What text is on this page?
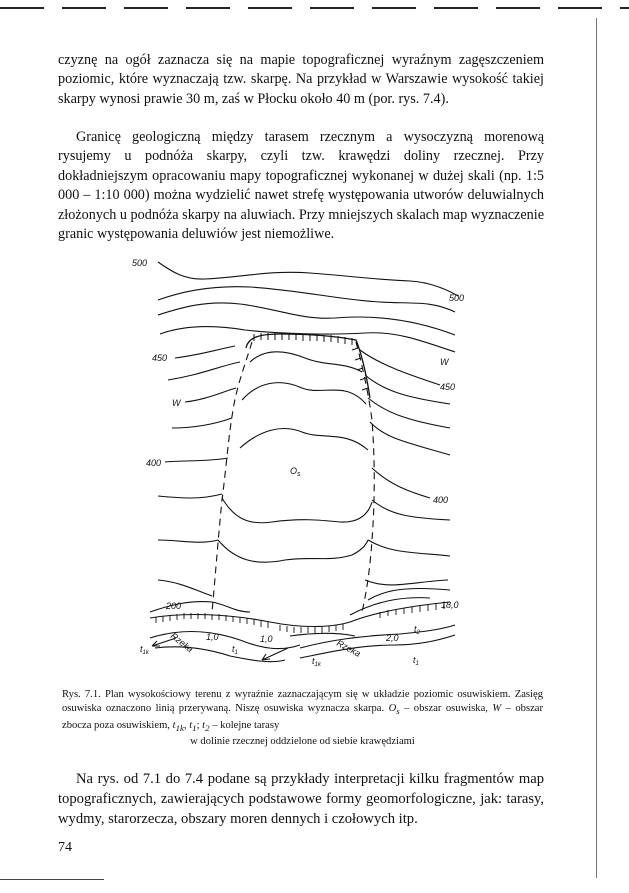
czyznę na ogół zaznacza się na mapie topograficznej wyraźnym zagęszczeniem poziomic, które wyznaczają tzw. skarpę. Na przykład w Warszawie wysokość takiej skarpy wynosi prawie 30 m, zaś w Płocku około 40 m (por. rys. 7.4).

Granicę geologiczną między tarasem rzecznym a wysoczyzną morenową rysujemy u podnóża skarpy, czyli tzw. krawędzi doliny rzecznej. Przy dokładniejszym opracowaniu mapy topograficznej wykonanej w dużej skali (np. 1:5 000 – 1:10 000) można wydzielić nawet strefę występowania utworów deluwialnych złożonych u podnóża skarpy na aluwiach. Przy mniejszych skalach map wyznaczenie granic występowania deluwiów jest niemożliwe.

500
500
450
450
W
W
400
400
$O_s$
200	18,0
1,0	1,0	2,0
$t_1$
$t_1$
$t_2$
$t_{1k}$
$t_{1k}$
Rzeka	Rzeka

Rys. 7.1. Plan wysokościowy terenu z wyraźnie zaznaczającym się w układzie poziomic osuwiskiem. Zasięg osuwiska oznaczono linią przerywaną. Niszę osuwiska wyznacza skarpa. $O_s$ – obszar osuwiska, W – obszar zbocza poza osuwiskiem, $t_{1k}$, $t_1$; $t_2$ – kolejne tarasy
w dolinie rzecznej oddzielone od siebie krawędziami

Na rys. od 7.1 do 7.4 podane są przykłady interpretacji kilku fragmentów map topograficznych, zawierających podstawowe formy geomorfologiczne, jak: tarasy, wydmy, starorzecza, obszary moren dennych i czołowych itp.

74
